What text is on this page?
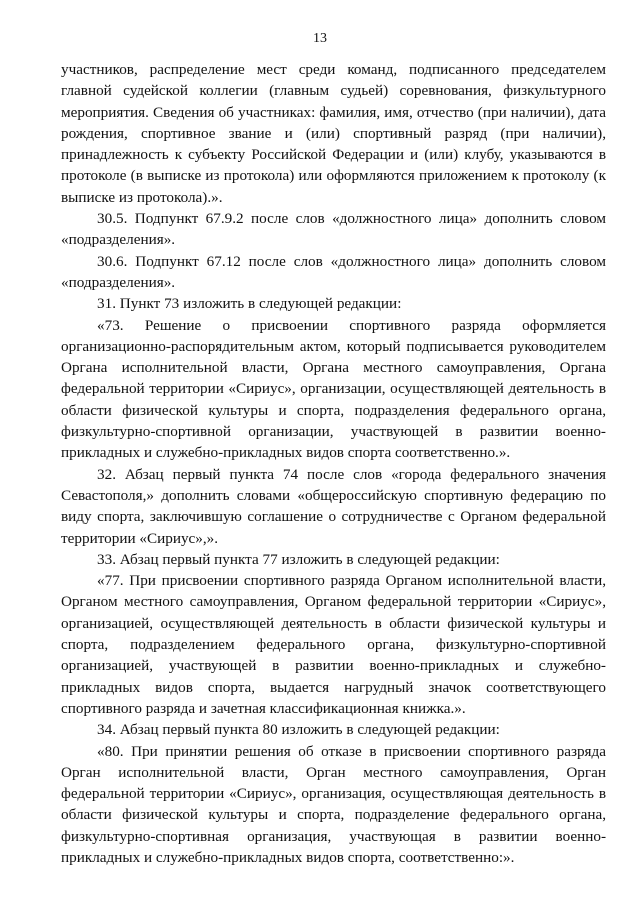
13

участников, распределение мест среди команд, подписанного председателем главной судейской коллегии (главным судьей) соревнования, физкультурного мероприятия. Сведения об участниках: фамилия, имя, отчество (при наличии), дата рождения, спортивное звание и (или) спортивный разряд (при наличии), принадлежность к субъекту Российской Федерации и (или) клубу, указываются в протоколе (в выписке из протокола) или оформляются приложением к протоколу (к выписке из протокола).».

30.5. Подпункт 67.9.2 после слов «должностного лица» дополнить словом «подразделения».

30.6. Подпункт 67.12 после слов «должностного лица» дополнить словом «подразделения».

31. Пункт 73 изложить в следующей редакции:

«73. Решение о присвоении спортивного разряда оформляется организационно-распорядительным актом, который подписывается руководителем Органа исполнительной власти, Органа местного самоуправления, Органа федеральной территории «Сириус», организации, осуществляющей деятельность в области физической культуры и спорта, подразделения федерального органа, физкультурно-спортивной организации, участвующей в развитии военно-прикладных и служебно-прикладных видов спорта соответственно.».

32. Абзац первый пункта 74 после слов «города федерального значения Севастополя,» дополнить словами «общероссийскую спортивную федерацию по виду спорта, заключившую соглашение о сотрудничестве с Органом федеральной территории «Сириус»,».

33. Абзац первый пункта 77 изложить в следующей редакции:

«77. При присвоении спортивного разряда Органом исполнительной власти, Органом местного самоуправления, Органом федеральной территории «Сириус», организацией, осуществляющей деятельность в области физической культуры и спорта, подразделением федерального органа, физкультурно-спортивной организацией, участвующей в развитии военно-прикладных и служебно-прикладных видов спорта, выдается нагрудный значок соответствующего спортивного разряда и зачетная классификационная книжка.».

34. Абзац первый пункта 80 изложить в следующей редакции:

«80. При принятии решения об отказе в присвоении спортивного разряда Орган исполнительной власти, Орган местного самоуправления, Орган федеральной территории «Сириус», организация, осуществляющая деятельность в области физической культуры и спорта, подразделение федерального органа, физкультурно-спортивная организация, участвующая в развитии военно-прикладных и служебно-прикладных видов спорта, соответственно:».
